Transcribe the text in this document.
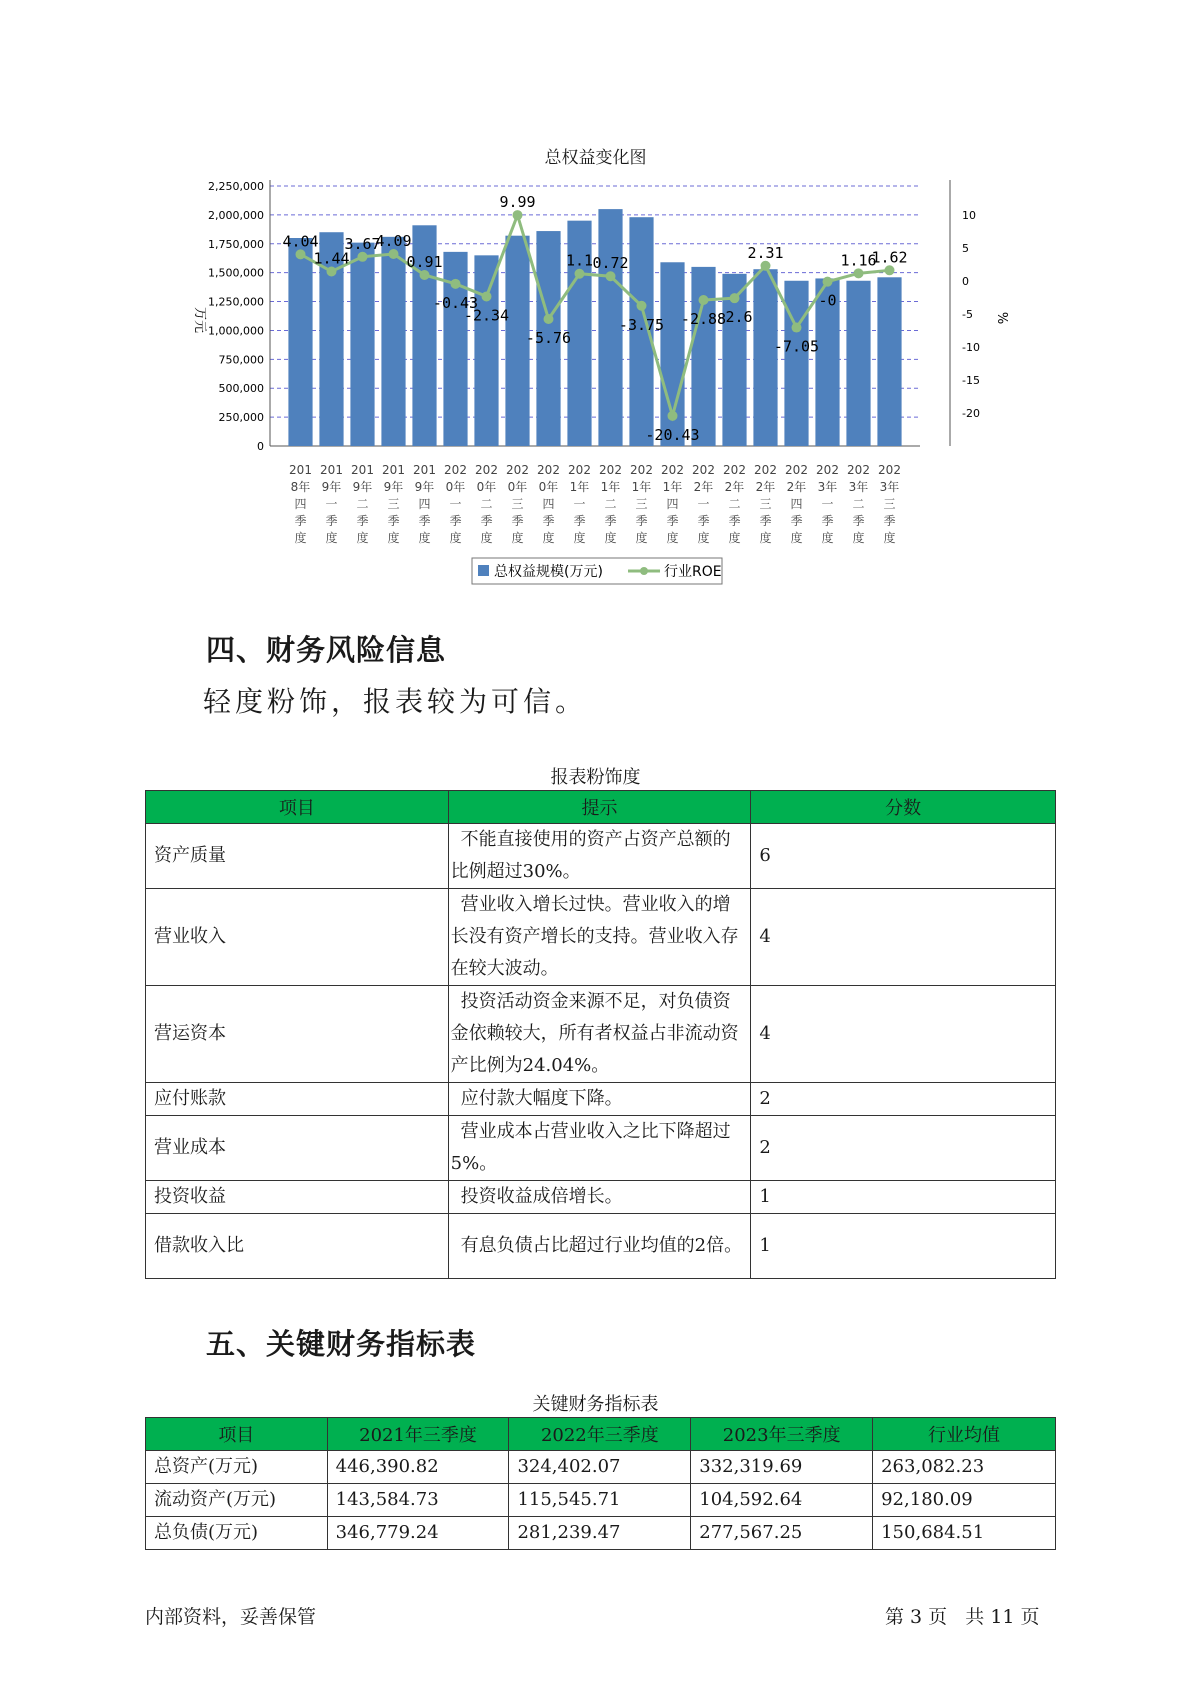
总权益变化图
2,250,000
2,000,000
1,750,000
1,500,000
1,250,000
1,000,000
750,000
500,000
250,000
0
10
5
0
-5
-10
-15
-20
万元	%
201
8年
四
季
度
201
9年
一
季
度
201
9年
二
季
度
201
9年
三
季
度
201
9年
四
季
度
202
0年
一
季
度
202
0年
二
季
度
202
0年
三
季
度
202
0年
四
季
度
202
1年
一
季
度
202
1年
二
季
度
202
1年
三
季
度
202
1年
四
季
度
202
2年
一
季
度
202
2年
二
季
度
202
2年
三
季
度
202
2年
四
季
度
202
3年
一
季
度
202
3年
二
季
度
202
3年
三
季
度
4.04
1.44
3.67
4.09
0.91
-0.43
-2.34
9.99
-5.76
1.1 0.72
-3.75
-20.43
-2.88
-2.6
2.31
-7.05
-0
1.16
1.62
总权益规模(万元)	行业ROE
四、财务风险信息
轻度粉饰，报表较为可信。
报表粉饰度
项目	提示	分数
资产质量	不能直接使用的资产占资产总额的比例超过30%。	6
营业收入	营业收入增长过快。营业收入的增长没有资产增长的支持。营业收入存在较大波动。	4
营运资本	投资活动资金来源不足，对负债资金依赖较大，所有者权益占非流动资产比例为24.04%。	4
应付账款	应付款大幅度下降。	2
营业成本	营业成本占营业收入之比下降超过5%。	2
投资收益	投资收益成倍增长。	1
借款收入比	有息负债占比超过行业均值的2倍。	1
五、关键财务指标表
关键财务指标表
项目	2021年三季度	2022年三季度	2023年三季度	行业均值
总资产(万元)	446,390.82	324,402.07	332,319.69	263,082.23
流动资产(万元)	143,584.73	115,545.71	104,592.64	92,180.09
总负债(万元)	346,779.24	281,239.47	277,567.25	150,684.51
内部资料，妥善保管	第 3 页   共 11 页
